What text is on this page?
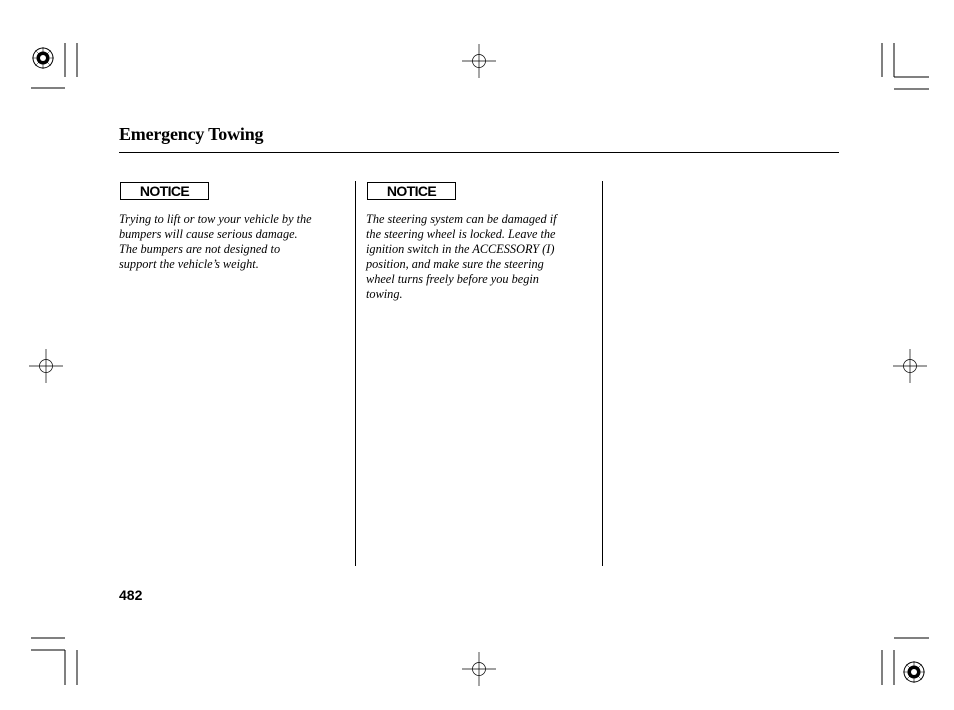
Emergency Towing
NOTICE

Trying to lift or tow your vehicle by the
bumpers will cause serious damage.
The bumpers are not designed to
support the vehicle’s weight.

NOTICE

The steering system can be damaged if
the steering wheel is locked. Leave the
ignition switch in the ACCESSORY (I)
position, and make sure the steering
wheel turns freely before you begin
towing.

482
